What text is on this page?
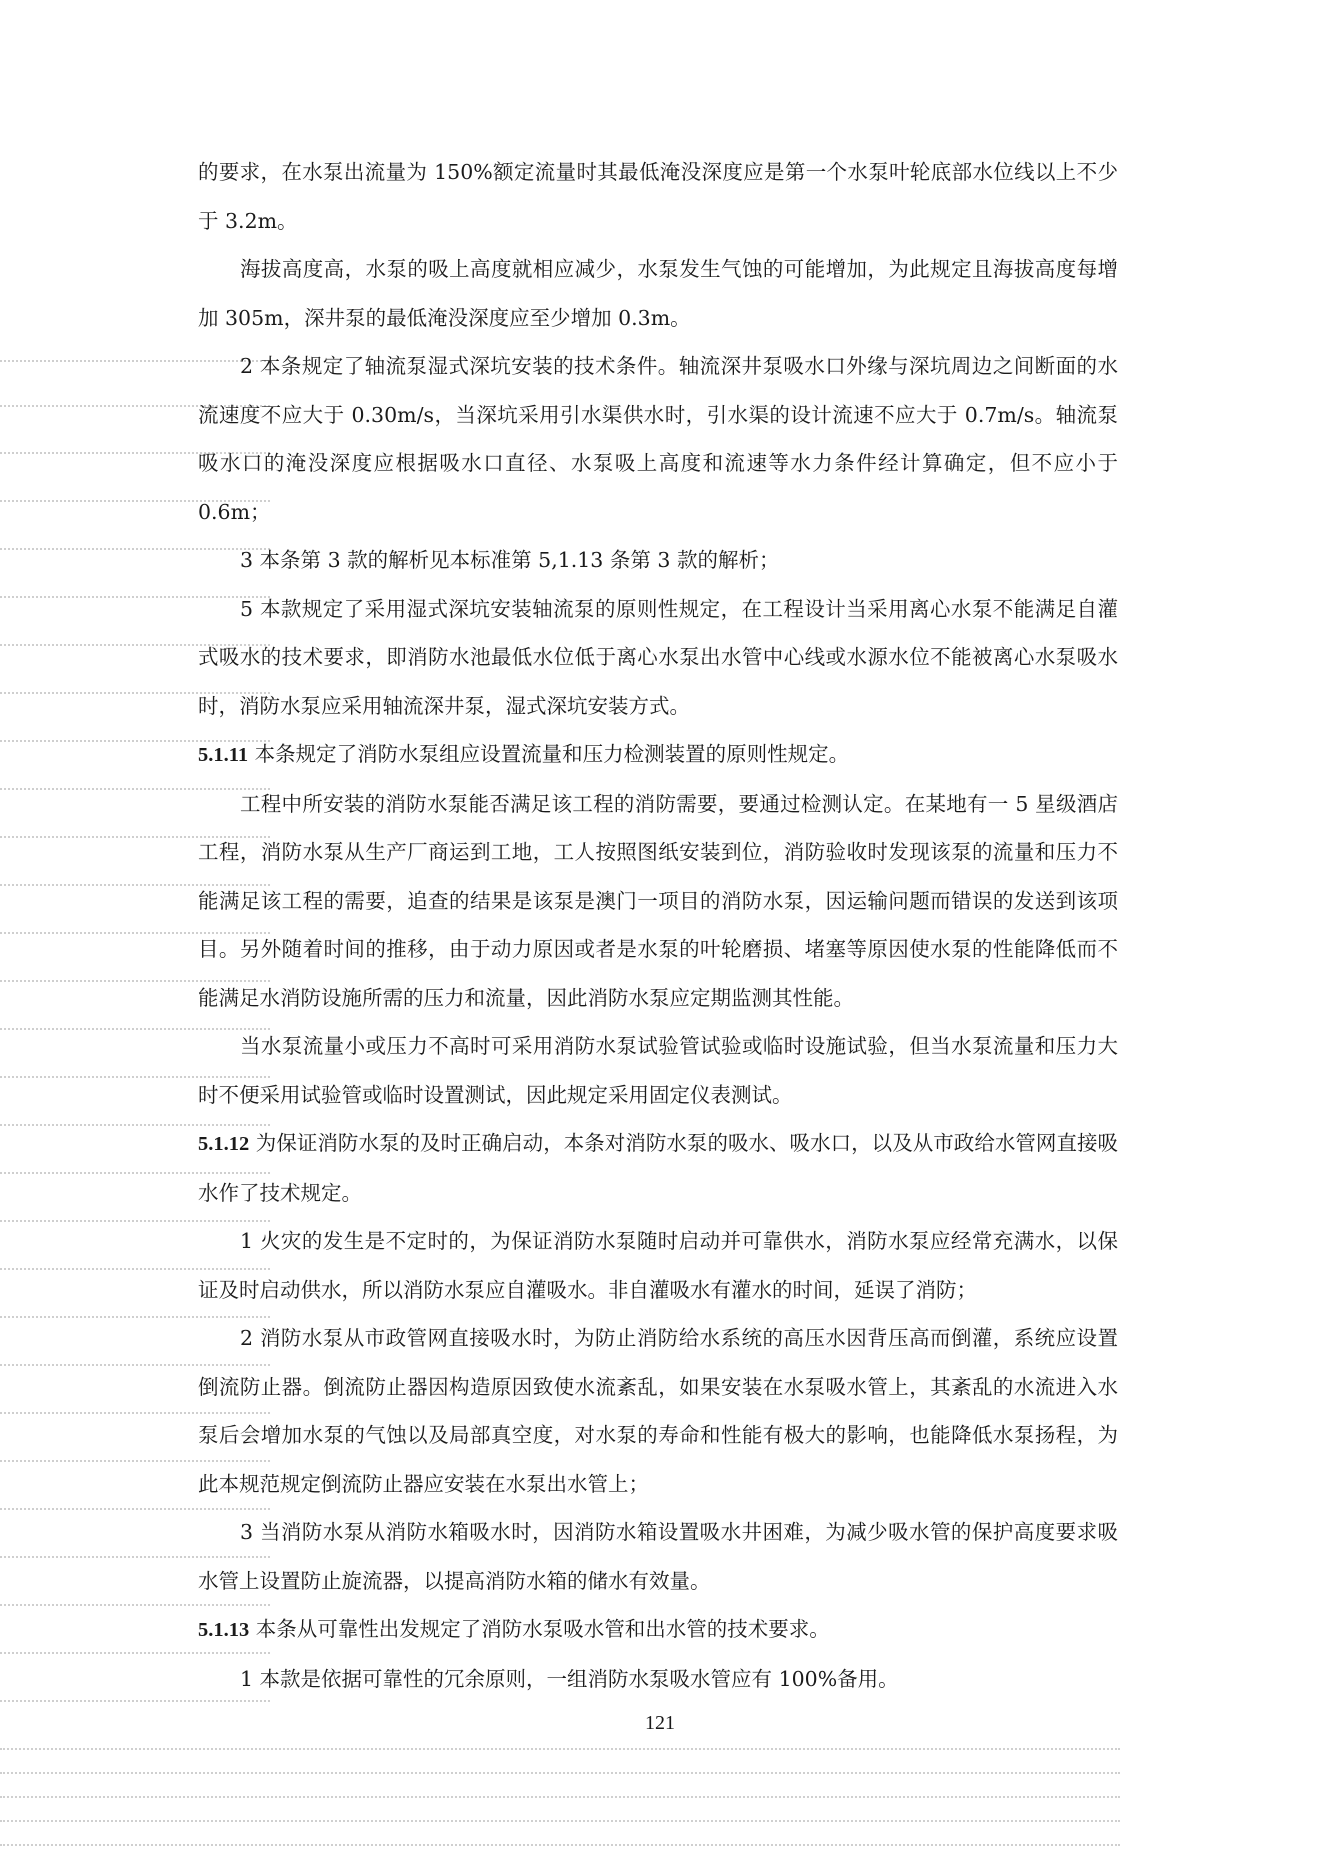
的要求，在水泵出流量为 150%额定流量时其最低淹没深度应是第一个水泵叶轮底部水位线以上不少于 3.2m。

海拔高度高，水泵的吸上高度就相应减少，水泵发生气蚀的可能增加，为此规定且海拔高度每增加 305m，深井泵的最低淹没深度应至少增加 0.3m。

2 本条规定了轴流泵湿式深坑安装的技术条件。轴流深井泵吸水口外缘与深坑周边之间断面的水流速度不应大于 0.30m/s，当深坑采用引水渠供水时，引水渠的设计流速不应大于 0.7m/s。轴流泵吸水口的淹没深度应根据吸水口直径、水泵吸上高度和流速等水力条件经计算确定，但不应小于 0.6m；

3 本条第 3 款的解析见本标准第 5,1.13 条第 3 款的解析；

5 本款规定了采用湿式深坑安装轴流泵的原则性规定，在工程设计当采用离心水泵不能满足自灌式吸水的技术要求，即消防水池最低水位低于离心水泵出水管中心线或水源水位不能被离心水泵吸水时，消防水泵应采用轴流深井泵，湿式深坑安装方式。

5.1.11 本条规定了消防水泵组应设置流量和压力检测装置的原则性规定。

工程中所安装的消防水泵能否满足该工程的消防需要，要通过检测认定。在某地有一 5 星级酒店工程，消防水泵从生产厂商运到工地，工人按照图纸安装到位，消防验收时发现该泵的流量和压力不能满足该工程的需要，追查的结果是该泵是澳门一项目的消防水泵，因运输问题而错误的发送到该项目。另外随着时间的推移，由于动力原因或者是水泵的叶轮磨损、堵塞等原因使水泵的性能降低而不能满足水消防设施所需的压力和流量，因此消防水泵应定期监测其性能。

当水泵流量小或压力不高时可采用消防水泵试验管试验或临时设施试验，但当水泵流量和压力大时不便采用试验管或临时设置测试，因此规定采用固定仪表测试。

5.1.12 为保证消防水泵的及时正确启动，本条对消防水泵的吸水、吸水口，以及从市政给水管网直接吸水作了技术规定。

1 火灾的发生是不定时的，为保证消防水泵随时启动并可靠供水，消防水泵应经常充满水，以保证及时启动供水，所以消防水泵应自灌吸水。非自灌吸水有灌水的时间，延误了消防；

2 消防水泵从市政管网直接吸水时，为防止消防给水系统的高压水因背压高而倒灌，系统应设置倒流防止器。倒流防止器因构造原因致使水流紊乱，如果安装在水泵吸水管上，其紊乱的水流进入水泵后会增加水泵的气蚀以及局部真空度，对水泵的寿命和性能有极大的影响，也能降低水泵扬程，为此本规范规定倒流防止器应安装在水泵出水管上；

3 当消防水泵从消防水箱吸水时，因消防水箱设置吸水井困难，为减少吸水管的保护高度要求吸水管上设置防止旋流器，以提高消防水箱的储水有效量。

5.1.13 本条从可靠性出发规定了消防水泵吸水管和出水管的技术要求。

1 本款是依据可靠性的冗余原则，一组消防水泵吸水管应有 100%备用。

121
